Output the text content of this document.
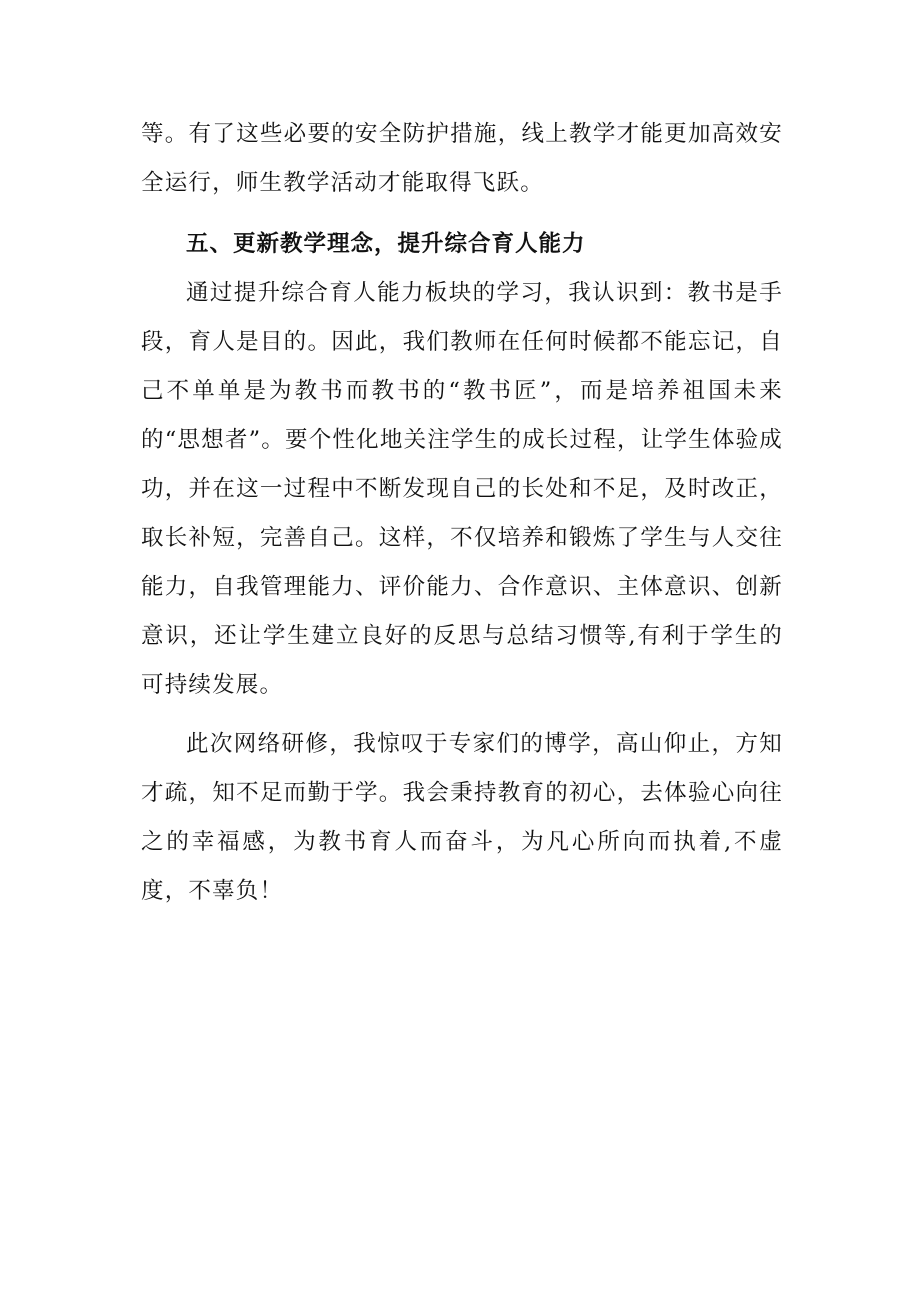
等。有了这些必要的安全防护措施，线上教学才能更加高效安全运行，师生教学活动才能取得飞跃。

五、更新教学理念，提升综合育人能力

通过提升综合育人能力板块的学习，我认识到：教书是手段，育人是目的。因此，我们教师在任何时候都不能忘记，自己不单单是为教书而教书的“教书匠”，而是培养祖国未来的“思想者”。要个性化地关注学生的成长过程，让学生体验成功，并在这一过程中不断发现自己的长处和不足，及时改正，取长补短，完善自己。这样，不仅培养和锻炼了学生与人交往能力，自我管理能力、评价能力、合作意识、主体意识、创新意识，还让学生建立良好的反思与总结习惯等,有利于学生的可持续发展。

此次网络研修，我惊叹于专家们的博学，高山仰止，方知才疏，知不足而勤于学。我会秉持教育的初心，去体验心向往之的幸福感，为教书育人而奋斗，为凡心所向而执着,不虚度，不辜负！
